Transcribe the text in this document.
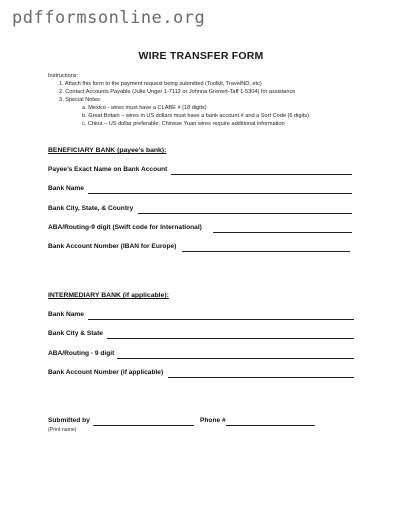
pdfformsonline.org
WIRE TRANSFER FORM
Instructions:
1. Attach this form to the payment request being submitted (Toolkit, TravelND, etc)
2. Contact Accounts Payable (Julie Unger 1-7112 or Johnna Grenert-Taff 1-5304) for assistance
3. Special Notes:
a. Mexico - wires must have a CLABE # (18 digits)
b. Great Britain – wires in US dollars must have a bank account # and a Sort Code (6 digits)
c. China – US dollar preferable. Chinese Yuan wires require additional information
BENEFICIARY BANK (payee’s bank):
Payee’s Exact Name on Bank Account
Bank Name
Bank City, State, & Country
ABA/Routing-9 digit (Swift code for International)
Bank Account Number (IBAN for Europe)
INTERMEDIARY BANK (if applicable):
Bank Name
Bank City & State
ABA/Routing - 9 digit
Bank Account Number (if applicable)
Submitted by
(Print name)
Phone #
